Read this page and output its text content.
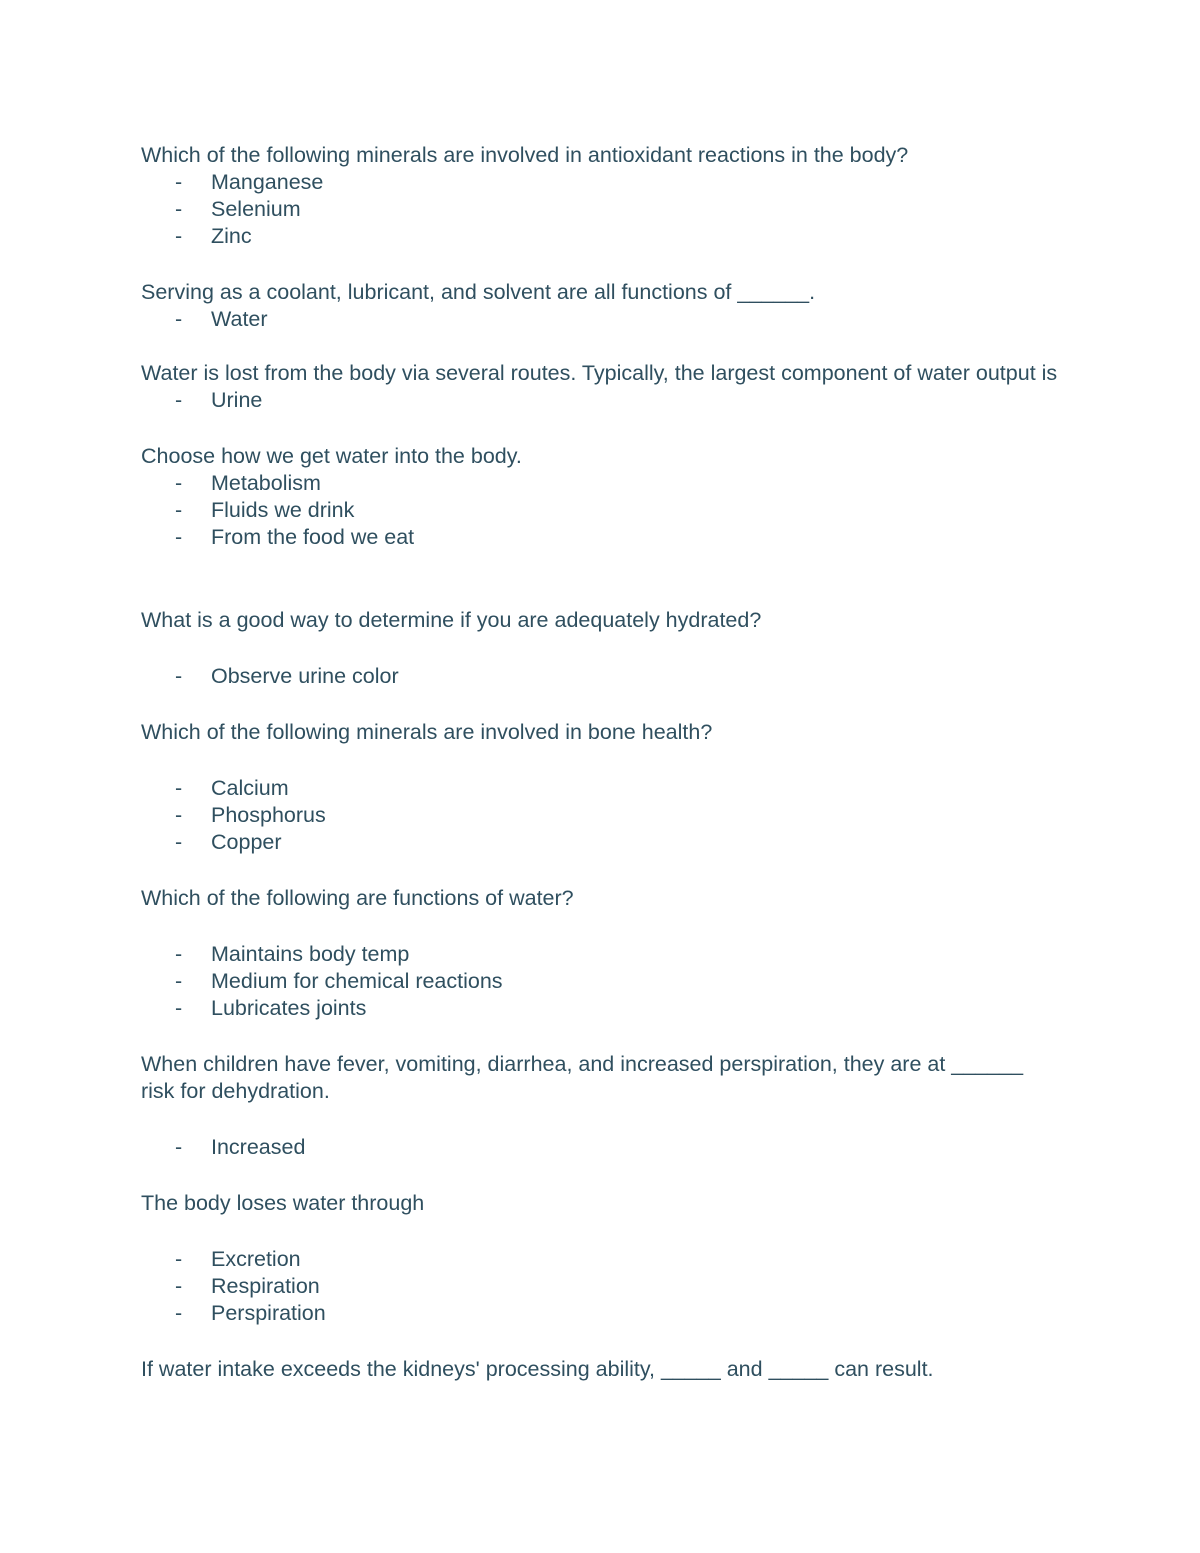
Which of the following minerals are involved in antioxidant reactions in the body?

- Manganese
- Selenium
- Zinc

Serving as a coolant, lubricant, and solvent are all functions of ______.

- Water

Water is lost from the body via several routes. Typically, the largest component of water output is

- Urine

Choose how we get water into the body.

- Metabolism
- Fluids we drink
- From the food we eat

What is a good way to determine if you are adequately hydrated?

- Observe urine color

Which of the following minerals are involved in bone health?

- Calcium
- Phosphorus
- Copper

Which of the following are functions of water?

- Maintains body temp
- Medium for chemical reactions
- Lubricates joints

When children have fever, vomiting, diarrhea, and increased perspiration, they are at ______ risk for dehydration.

- Increased

The body loses water through

- Excretion
- Respiration
- Perspiration

If water intake exceeds the kidneys' processing ability, _____ and _____ can result.
